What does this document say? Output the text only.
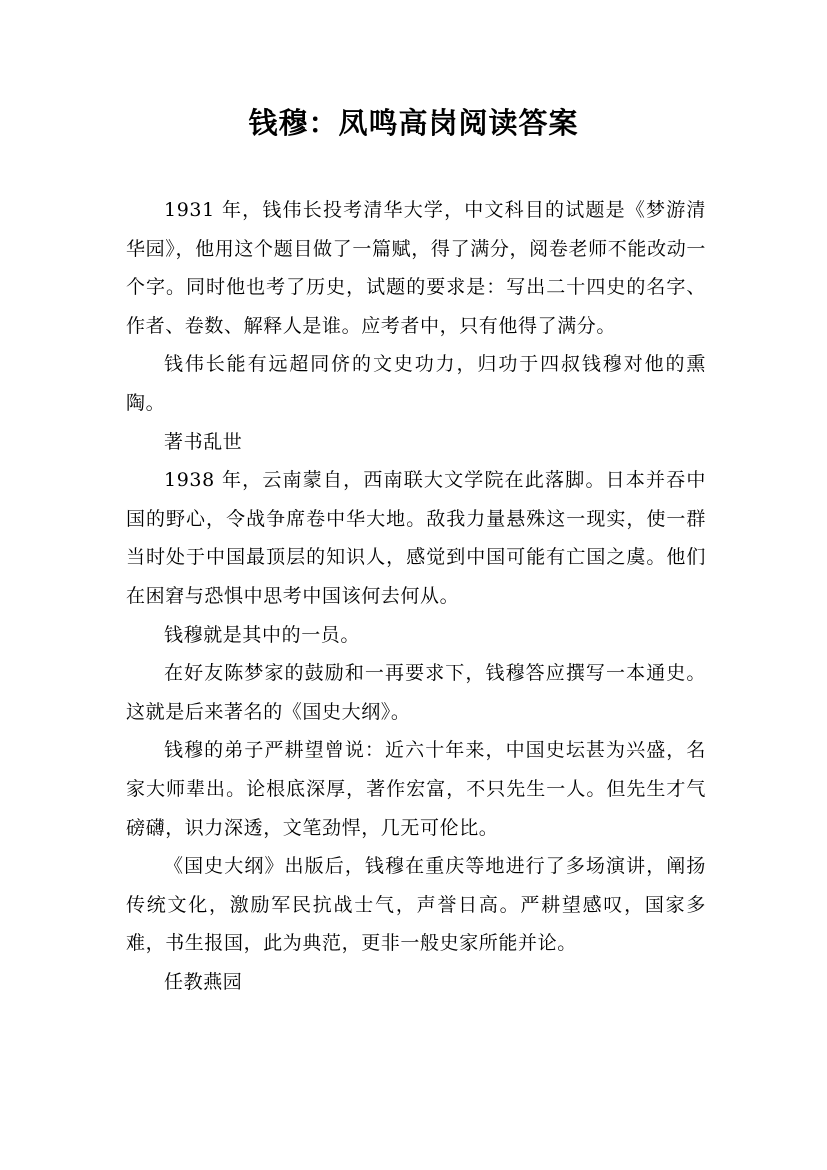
钱穆：凤鸣高岗阅读答案

1931 年，钱伟长投考清华大学，中文科目的试题是《梦游清华园》，他用这个题目做了一篇赋，得了满分，阅卷老师不能改动一个字。同时他也考了历史，试题的要求是：写出二十四史的名字、作者、卷数、解释人是谁。应考者中，只有他得了满分。

钱伟长能有远超同侪的文史功力，归功于四叔钱穆对他的熏陶。

著书乱世

1938 年，云南蒙自，西南联大文学院在此落脚。日本并吞中国的野心，令战争席卷中华大地。敌我力量悬殊这一现实，使一群当时处于中国最顶层的知识人，感觉到中国可能有亡国之虞。他们在困窘与恐惧中思考中国该何去何从。

钱穆就是其中的一员。

在好友陈梦家的鼓励和一再要求下，钱穆答应撰写一本通史。这就是后来著名的《国史大纲》。

钱穆的弟子严耕望曾说：近六十年来，中国史坛甚为兴盛，名家大师辈出。论根底深厚，著作宏富，不只先生一人。但先生才气磅礴，识力深透，文笔劲悍，几无可伦比。

《国史大纲》出版后，钱穆在重庆等地进行了多场演讲，阐扬传统文化，激励军民抗战士气，声誉日高。严耕望感叹，国家多难，书生报国，此为典范，更非一般史家所能并论。

任教燕园
